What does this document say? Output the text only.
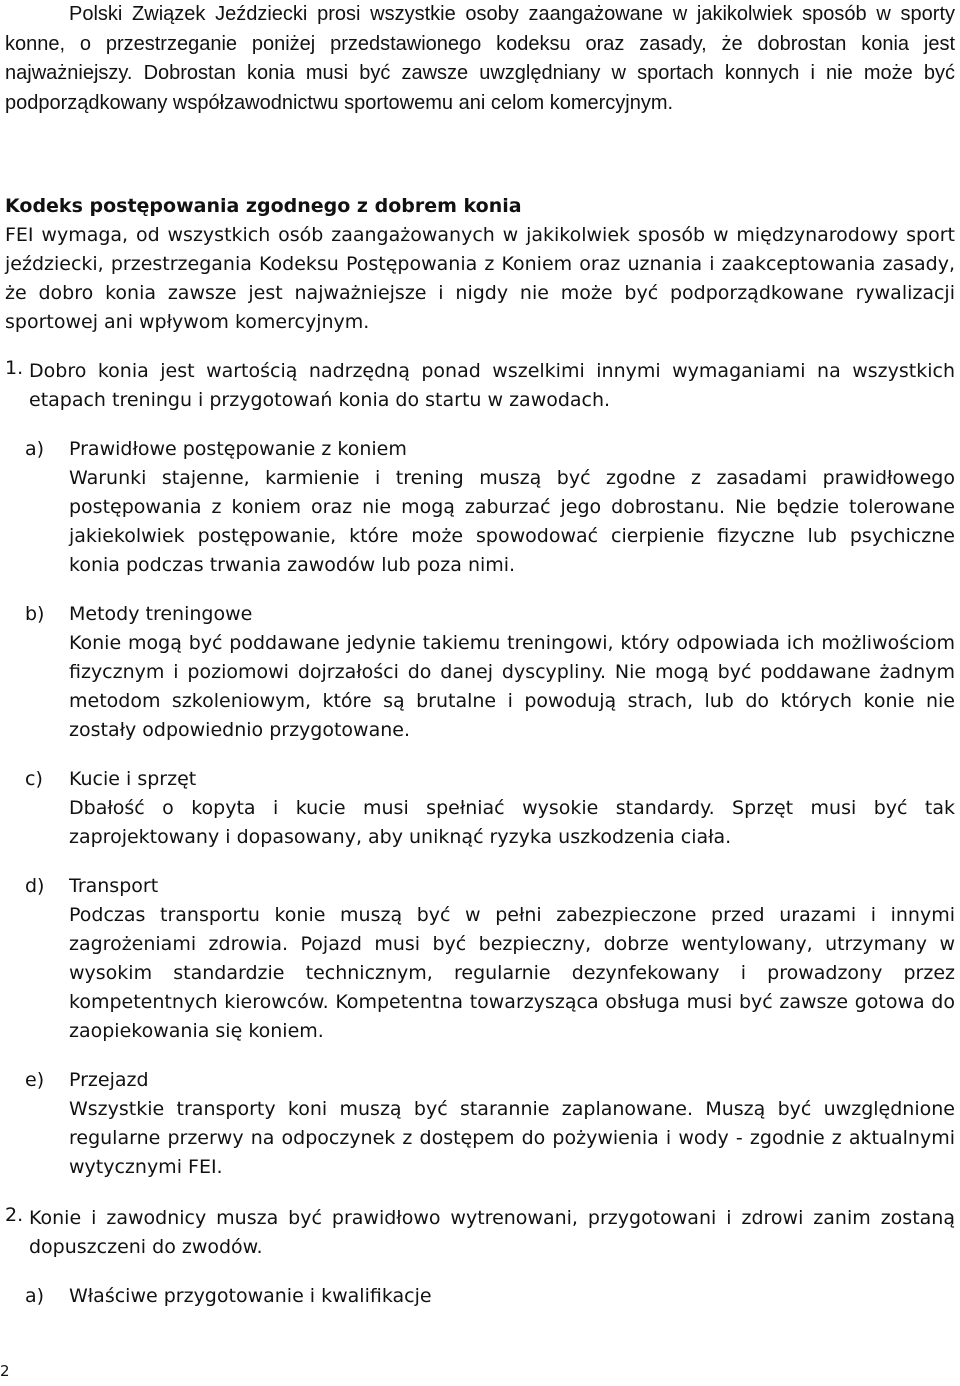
Polski Związek Jeździecki prosi wszystkie osoby zaangażowane w jakikolwiek sposób w sporty konne, o przestrzeganie poniżej przedstawionego kodeksu oraz zasady, że dobrostan konia jest najważniejszy. Dobrostan konia musi być zawsze uwzględniany w sportach konnych i nie może być podporządkowany współzawodnictwu sportowemu ani celom komercyjnym.

Kodeks postępowania zgodnego z dobrem konia

FEI wymaga, od wszystkich osób zaangażowanych w jakikolwiek sposób w międzynarodowy sport jeździecki, przestrzegania Kodeksu Postępowania z Koniem oraz uznania i zaakceptowania zasady, że dobro konia zawsze jest najważniejsze i nigdy nie może być podporządkowane rywalizacji sportowej ani wpływom komercyjnym.

1. Dobro konia jest wartością nadrzędną ponad wszelkimi innymi wymaganiami na wszystkich etapach treningu i przygotowań konia do startu w zawodach.
a)	Prawidłowe postępowanie z koniem
Warunki stajenne, karmienie i trening muszą być zgodne z zasadami prawidłowego postępowania z koniem oraz nie mogą zaburzać jego dobrostanu. Nie będzie tolerowane jakiekolwiek postępowanie, które może spowodować cierpienie fizyczne lub psychiczne konia podczas trwania zawodów lub poza nimi.
b)	Metody treningowe
Konie mogą być poddawane jedynie takiemu treningowi, który odpowiada ich możliwościom fizycznym i poziomowi dojrzałości do danej dyscypliny. Nie mogą być poddawane żadnym metodom szkoleniowym, które są brutalne i powodują strach, lub do których konie nie zostały odpowiednio przygotowane.
c)	Kucie i sprzęt
Dbałość o kopyta i kucie musi spełniać wysokie standardy. Sprzęt musi być tak zaprojektowany i dopasowany, aby uniknąć ryzyka uszkodzenia ciała.
d)	Transport
Podczas transportu konie muszą być w pełni zabezpieczone przed urazami i innymi zagrożeniami zdrowia. Pojazd musi być bezpieczny, dobrze wentylowany, utrzymany w wysokim standardzie technicznym, regularnie dezynfekowany i prowadzony przez kompetentnych kierowców. Kompetentna towarzysząca obsługa musi być zawsze gotowa do zaopiekowania się koniem.
e)	Przejazd
Wszystkie transporty koni muszą być starannie zaplanowane. Muszą być uwzględnione regularne przerwy na odpoczynek z dostępem do pożywienia i wody - zgodnie z aktualnymi wytycznymi FEI.
2. Konie i zawodnicy musza być prawidłowo wytrenowani, przygotowani i zdrowi zanim zostaną dopuszczeni do zwodów.
a)	Właściwe przygotowanie i kwalifikacje
2
